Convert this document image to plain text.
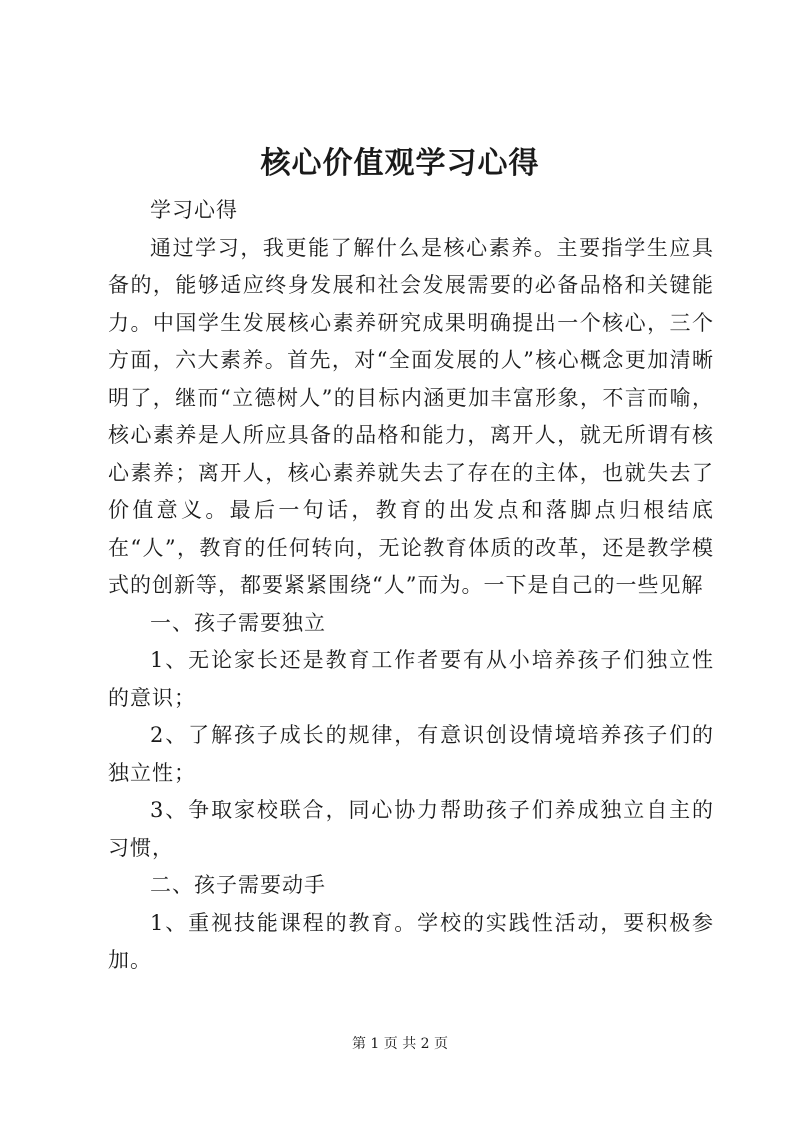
核心价值观学习心得

学习心得

通过学习，我更能了解什么是核心素养。主要指学生应具备的，能够适应终身发展和社会发展需要的必备品格和关键能力。中国学生发展核心素养研究成果明确提出一个核心，三个方面，六大素养。首先，对“全面发展的人”核心概念更加清晰明了，继而“立德树人”的目标内涵更加丰富形象，不言而喻，核心素养是人所应具备的品格和能力，离开人，就无所谓有核心素养；离开人，核心素养就失去了存在的主体，也就失去了价值意义。最后一句话，教育的出发点和落脚点归根结底在“人”，教育的任何转向，无论教育体质的改革，还是教学模式的创新等，都要紧紧围绕“人”而为。一下是自己的一些见解

一、孩子需要独立

1、无论家长还是教育工作者要有从小培养孩子们独立性的意识；

2、了解孩子成长的规律，有意识创设情境培养孩子们的独立性；

3、争取家校联合，同心协力帮助孩子们养成独立自主的习惯，

二、孩子需要动手

1、重视技能课程的教育。学校的实践性活动，要积极参加。

第 1 页 共 2 页
